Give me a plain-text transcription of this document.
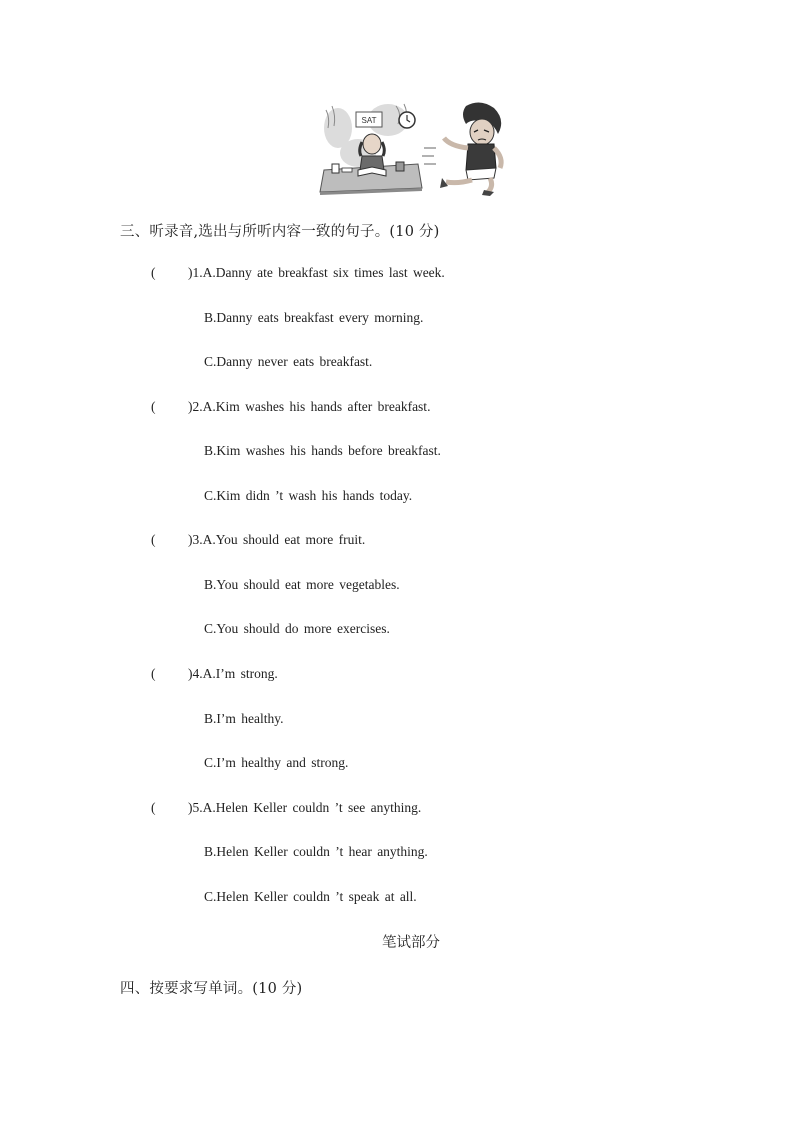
SAT
三、听录音,选出与所听内容一致的句子。(10 分)
( )1.A.Danny ate breakfast six times last week.
B.Danny eats breakfast every morning.
C.Danny never eats breakfast.
( )2.A.Kim washes his hands after breakfast.
B.Kim washes his hands before breakfast.
C.Kim didn ’t wash his hands today.
( )3.A.You should eat more fruit.
B.You should eat more vegetables.
C.You should do more exercises.
( )4.A.I’m strong.
B.I’m healthy.
C.I’m healthy and strong.
( )5.A.Helen Keller couldn ’t see anything.
B.Helen Keller couldn ’t hear anything.
C.Helen Keller couldn ’t speak at all.
笔试部分
四、按要求写单词。(10 分)
